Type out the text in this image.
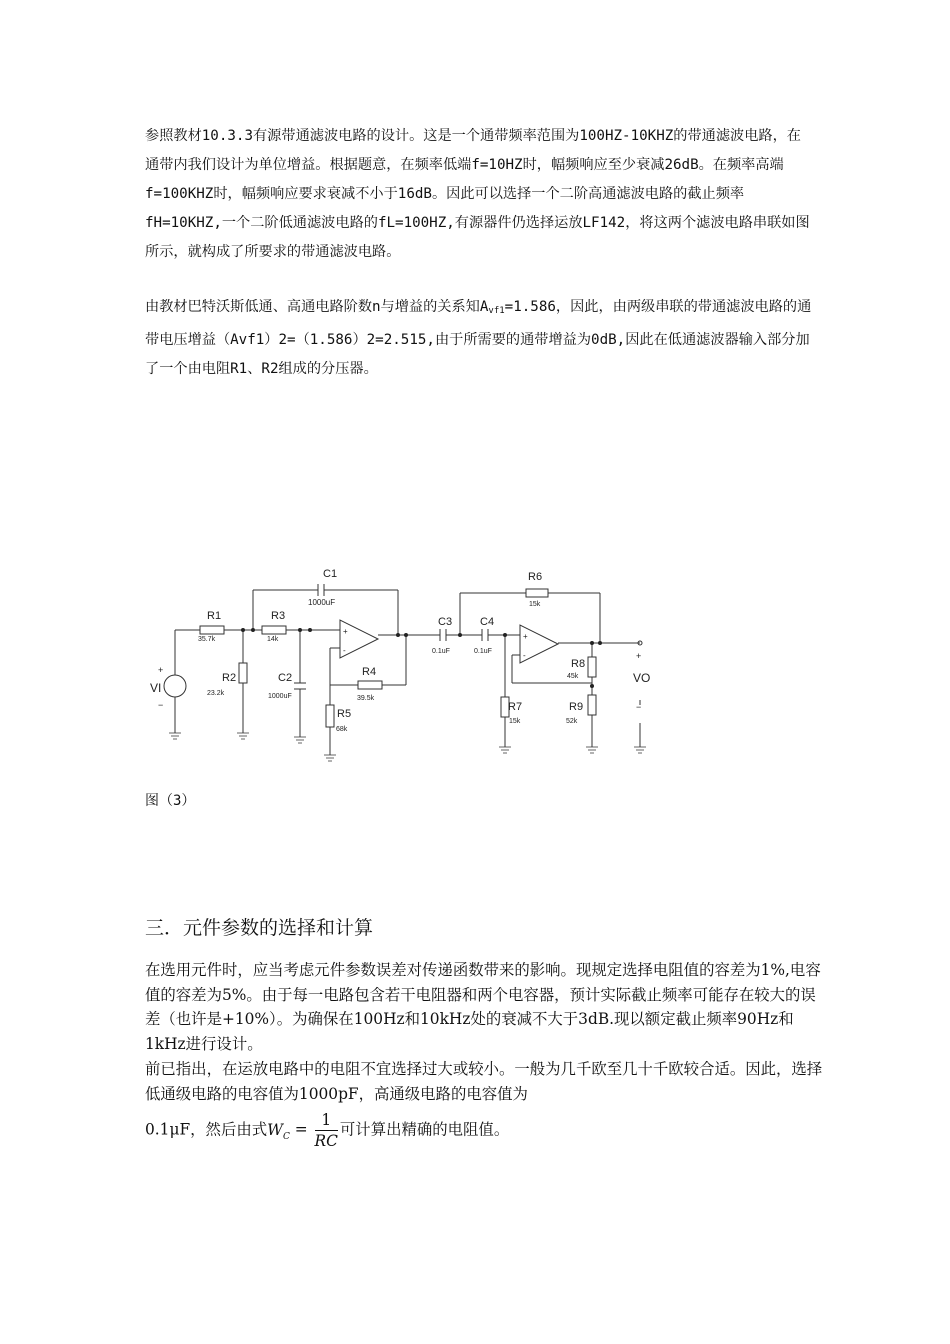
参照教材10.3.3有源带通滤波电路的设计。这是一个通带频率范围为100HZ-10KHZ的带通滤波电路，在通带内我们设计为单位增益。根据题意，在频率低端f=10HZ时，幅频响应至少衰减26dB。在频率高端f=100KHZ时，幅频响应要求衰减不小于16dB。因此可以选择一个二阶高通滤波电路的截止频率fH=10KHZ,一个二阶低通滤波电路的fL=100HZ,有源器件仍选择运放LF142，将这两个滤波电路串联如图所示，就构成了所要求的带通滤波电路。

由教材巴特沃斯低通、高通电路阶数n与增益的关系知$A_{vf1}=1.586$，因此，由两级串联的带通滤波电路的通带电压增益（Avf1）2=（1.586）2=2.515,由于所需要的通带增益为0dB,因此在低通滤波器输入部分加了一个由电阻R1、R2组成的分压器。

+
-
+
-
C1
1000uF
R1
35.7k
R3
14k
R2
23.2k
C2
1000uF
R4
39.5k
R5
68k
C3
0.1uF
C4
0.1uF
R6
15k
R7
15k
R8
45k
R9
52k
VI
+
−
VO
+
−
图（3）
三．元件参数的选择和计算

在选用元件时，应当考虑元件参数误差对传递函数带来的影响。现规定选择电阻值的容差为1%,电容值的容差为5%。由于每一电路包含若干电阻器和两个电容器，预计实际截止频率可能存在较大的误差（也许是+10%）。为确保在100Hz和10kHz处的衰减不大于3dB.现以额定截止频率90Hz和1kHz进行设计。

前已指出，在运放电路中的电阻不宜选择过大或较小。一般为几千欧至几十千欧较合适。因此，选择低通级电路的电容值为1000pF，高通级电路的电容值为

0.1μF，然后由式$W_C = \frac{1}{RC}$ 可计算出精确的电阻值。
